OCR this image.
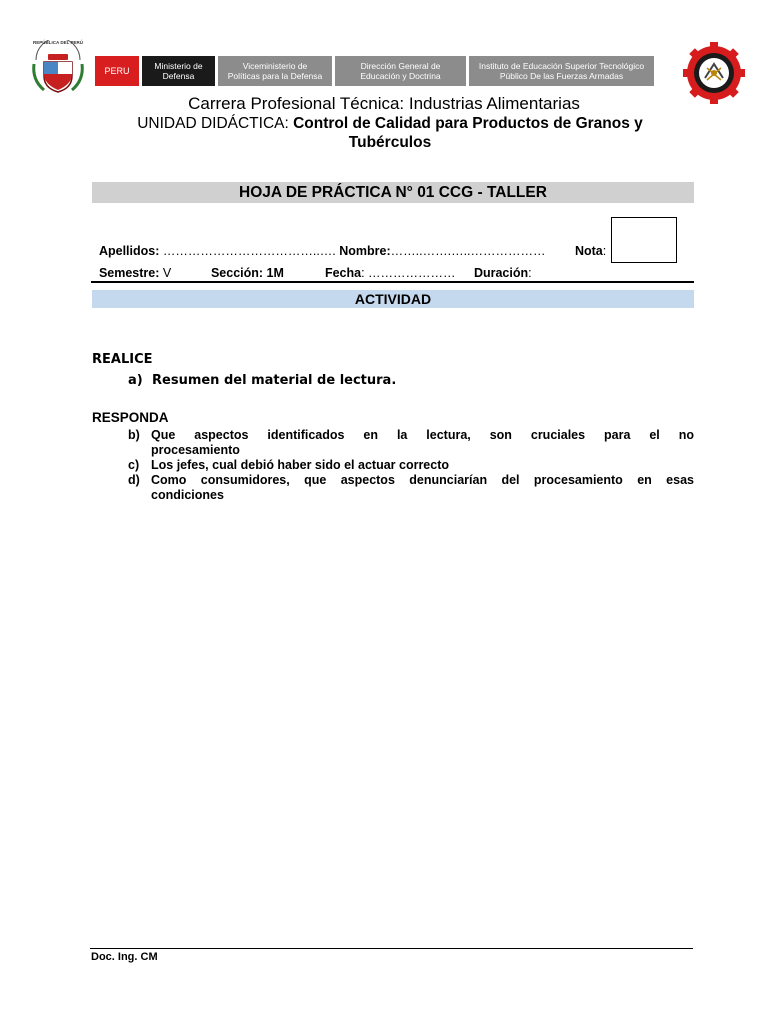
REPÚBLICA DEL PERÚ
PERU	Ministerio de
Defensa
Viceministerio de
Políticas para la Defensa
Dirección General de
Educación y Doctrina
Instituto de Educación Superior Tecnológico
Público De las Fuerzas Armadas
Carrera Profesional Técnica: Industrias Alimentarias
UNIDAD DIDÁCTICA: Control de Calidad para Productos de Granos y
Tubérculos
HOJA DE PRÁCTICA N° 01 CCG - TALLER

Apellidos: ………………………………..…. Nombre:……..…….…..………………	Nota:

Semestre: V	Sección: 1M	Fecha: …………………	Duración:

ACTIVIDAD
REALICE
a) Resumen del material de lectura.
RESPONDA
b) Que aspectos identificados en la lectura, son cruciales para el no
procesamiento
c) Los jefes, cual debió haber sido el actuar correcto
d) Como consumidores, que aspectos denunciarían del procesamiento en esas
condiciones
Doc. Ing. CM
